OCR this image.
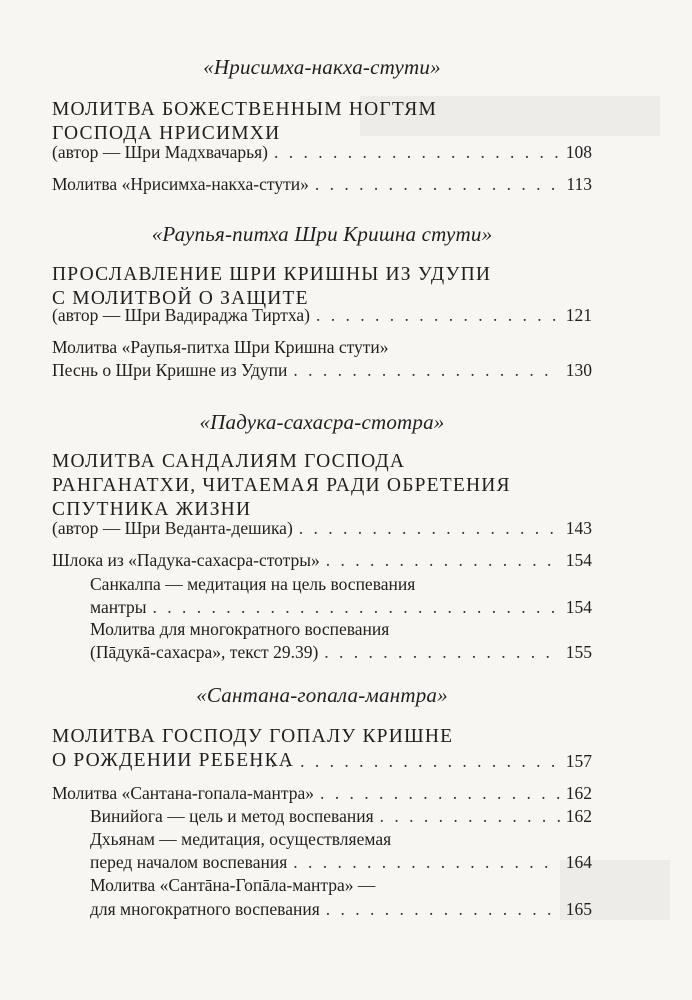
«Нрисимха-накха-стути»
МОЛИТВА БОЖЕСТВЕННЫМ НОГТЯМ
ГОСПОДА НРИСИМХИ
(автор — Шри Мадхвачарья) . . .	108
Молитва «Нрисимха-накха-стути» . . .	113
«Раупья-питха Шри Кришна стути»
ПРОСЛАВЛЕНИЕ ШРИ КРИШНЫ ИЗ УДУПИ
С МОЛИТВОЙ О ЗАЩИТЕ
(автор — Шри Вадираджа Тиртха) . . .	121
Молитва «Раупья-питха Шри Кришна стути»
Песнь о Шри Кришне из Удупи . . .	130
«Падука-сахасра-стотра»
МОЛИТВА САНДАЛИЯМ ГОСПОДА
РАНГАНАТХИ, ЧИТАЕМАЯ РАДИ ОБРЕТЕНИЯ
СПУТНИКА ЖИЗНИ
(автор — Шри Веданта-дешика) . . .	143
Шлока из «Падука-сахасра-стотры» . . .	154
Санкалпа — медитация на цель воспевания
мантры . . .	154
Молитва для многократного воспевания
(Пāдукā-сахасра», текст 29.39) . . .	155
«Сантана-гопала-мантра»
МОЛИТВА ГОСПОДУ ГОПАЛУ КРИШНЕ
О РОЖДЕНИИ РЕБЕНКА . . .	157
Молитва «Сантана-гопала-мантра» . . .	162
Винийога — цель и метод воспевания . . .	162
Дхьянам — медитация, осуществляемая
перед началом воспевания . . .	164
Молитва «Сантāна-Гопāла-мантра» —
для многократного воспевания . . .	165
